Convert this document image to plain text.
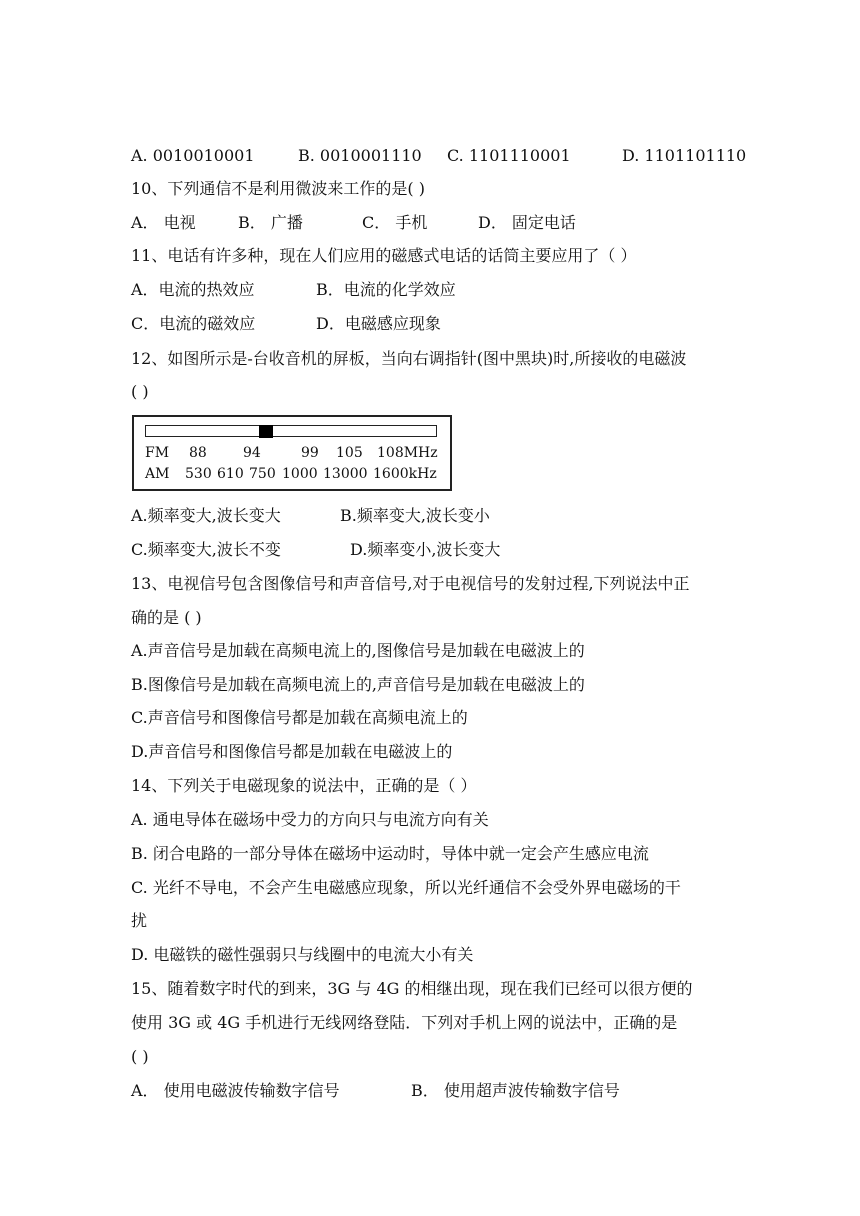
A. 0010010001	B. 0010001110 C. 1101110001	D. 1101101110
10、下列通信不是利用微波来工作的是( )
A． 电视	B． 广播	C． 手机	D． 固定电话
11、电话有许多种，现在人们应用的磁感式电话的话筒主要应用了（ ）
A．电流的热效应	B．电流的化学效应
C．电流的磁效应	D．电磁感应现象
12、如图所示是-台收音机的屏板，当向右调指针(图中黑块)时,所接收的电磁波
( )
FM 88	94	99 105 108MHz
AM 530 610 750 1000 13000 1600kHz
A.频率变大,波长变大	B.频率变大,波长变小
C.频率变大,波长不变	D.频率变小,波长变大
13、电视信号包含图像信号和声音信号,对于电视信号的发射过程,下列说法中正
确的是 ( )
A.声音信号是加载在高频电流上的,图像信号是加载在电磁波上的
B.图像信号是加载在高频电流上的,声音信号是加载在电磁波上的
C.声音信号和图像信号都是加载在高频电流上的
D.声音信号和图像信号都是加载在电磁波上的
14、下列关于电磁现象的说法中，正确的是（ ）
A. 通电导体在磁场中受力的方向只与电流方向有关
B. 闭合电路的一部分导体在磁场中运动时，导体中就一定会产生感应电流
C. 光纤不导电，不会产生电磁感应现象，所以光纤通信不会受外界电磁场的干
扰
D. 电磁铁的磁性强弱只与线圈中的电流大小有关
15、随着数字时代的到来，3G 与 4G 的相继出现，现在我们已经可以很方便的
使用 3G 或 4G 手机进行无线网络登陆．下列对手机上网的说法中，正确的是
( )
A． 使用电磁波传输数字信号	B． 使用超声波传输数字信号
